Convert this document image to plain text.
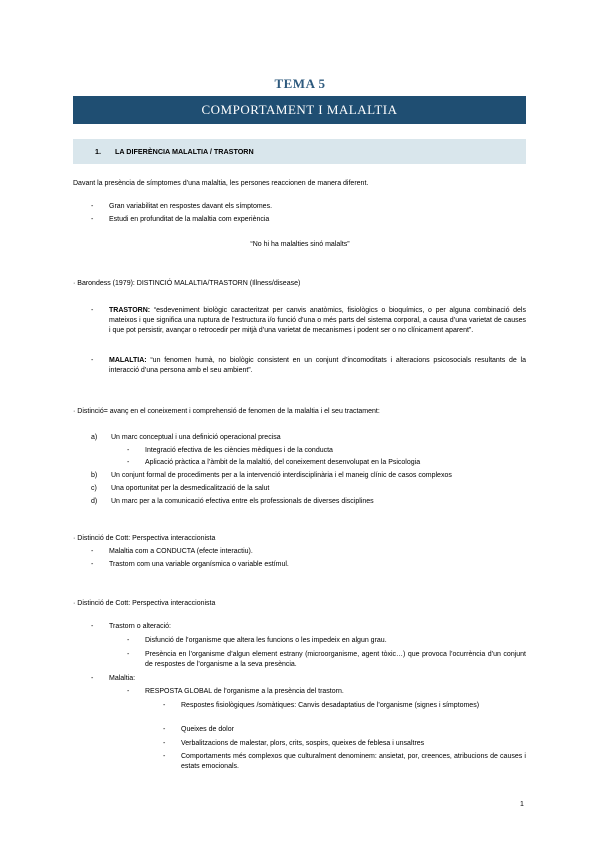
TEMA 5
COMPORTAMENT I MALALTIA
1. LA DIFERÈNCIA MALALTIA / TRASTORN
Davant la presència de símptomes d’una malaltia, les persones reaccionen de manera diferent.
- Gran variabilitat en respostes davant els símptomes.
- Estudi en profunditat de la malaltia com experiència
“No hi ha malalties sinó malalts”
· Barondess (1979): DISTINCIÓ MALALTIA/TRASTORN (Illness/disease)
- TRASTORN: “esdeveniment biològic caracteritzat per canvis anatòmics, fisiològics o bioquímics, o per alguna combinació dels mateixos i que significa una ruptura de l’estructura i/o funció d’una o més parts del sistema corporal, a causa d’una varietat de causes i que pot persistir, avançar o retrocedir per mitjà d’una varietat de mecanismes i podent ser o no clínicament aparent”.
- MALALTIA: “un fenomen humà, no biològic consistent en un conjunt d’incomoditats i alteracions psicosocials resultants de la interacció d’una persona amb el seu ambient”.
· Distinció= avanç en el coneixement i comprehensió de fenomen de la malaltia i el seu tractament:
a) Un marc conceptual i una definició operacional precisa
- Integració efectiva de les ciències mèdiques i de la conducta
- Aplicació pràctica a l’àmbit de la malaltió, del coneixement desenvolupat en la Psicologia
b) Un conjunt formal de procediments per a la intervenció interdisciplinària i el maneig clínic de casos complexos
c) Una oportunitat per la desmedicalització de la salut
d) Un marc per a la comunicació efectiva entre els professionals de diverses disciplines
· Distinció de Cott: Perspectiva interaccionista
- Malaltia com a CONDUCTA (efecte interactiu).
- Trastorn com una variable organísmica o variable estímul.
· Distinció de Cott: Perspectiva interaccionista
- Trastorn o alteració:
- Disfunció de l’organisme que altera les funcions o les impedeix en algun grau.
- Presència en l’organisme d’algun element estrany (microorganisme, agent tòxic…) que provoca l’ocurrència d’un conjunt de respostes de l’organisme a la seva presència.
- Malaltia:
- RESPOSTA GLOBAL de l’organisme a la presència del trastorn.
- Respostes fisiològiques /somàtiques: Canvis desadaptatius de l’organisme (signes i símptomes)
- Queixes de dolor
- Verbalitzacions de malestar, plors, crits, sospirs, queixes de feblesa i unsaltres
- Comportaments més complexos que culturalment denominem: ansietat, por, creences, atribucions de causes i estats emocionals.
1
